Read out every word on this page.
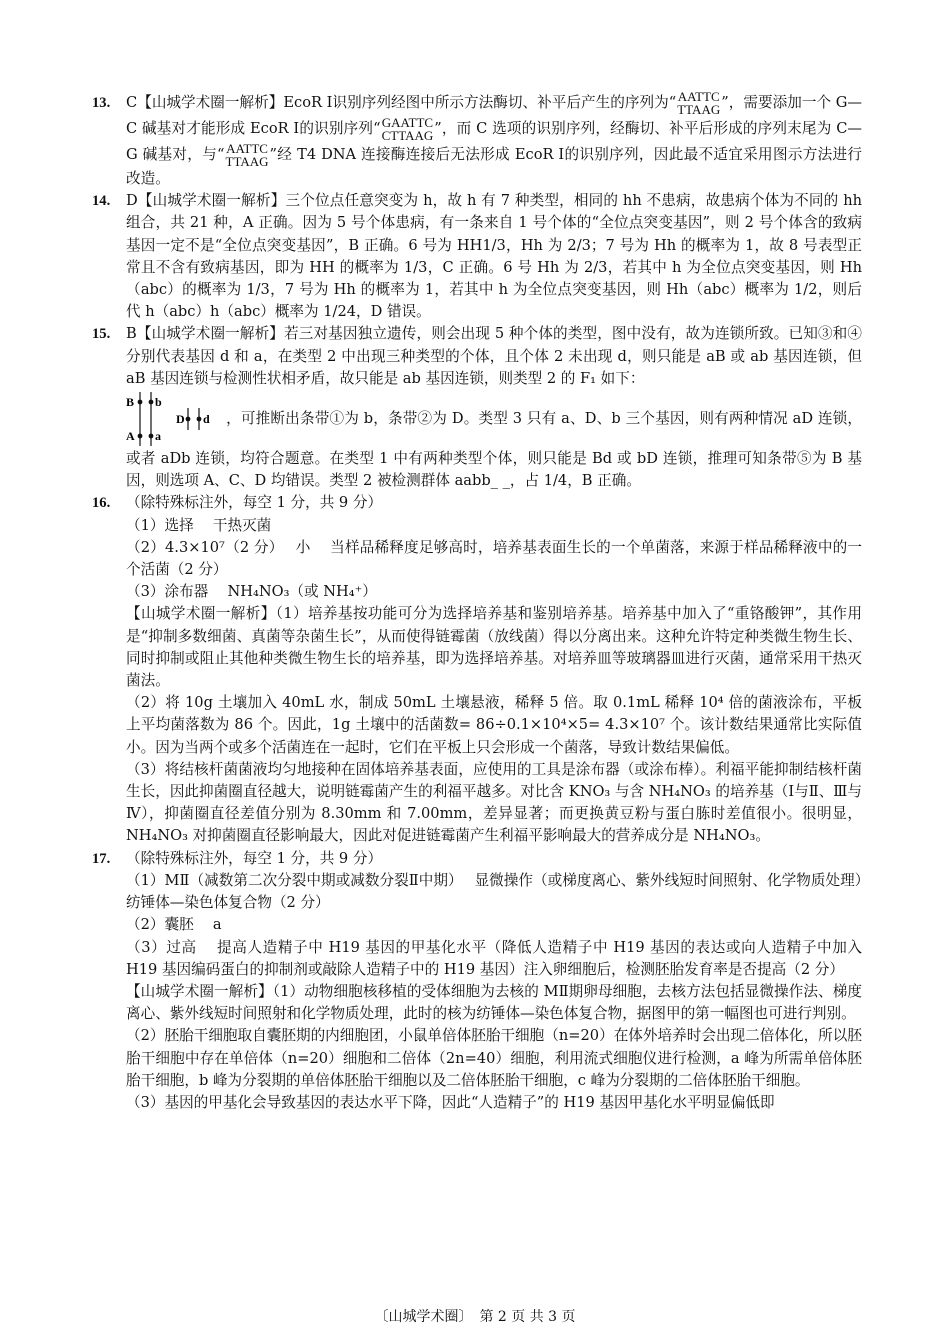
13. C【山城学术圈一解析】EcoR Ⅰ识别序列经图中所示方法酶切、补平后产生的序列为“ AATTC
TTAAG ”，需要添加一个 G—C 碱基对才能形成 EcoR Ⅰ的识别序列“ GAATTC
CTTAAG ”，而 C 选项的识别序列，经酶切、补平后形成的序列末尾为 C—G 碱基对，与“ AATTC
TTAAG ”经 T4 DNA 连接酶连接后无法形成 EcoR Ⅰ的识别序列，因此最不适宜采用图示方法进行改造。

14. D【山城学术圈一解析】三个位点任意突变为 h，故 h 有 7 种类型，相同的 hh 不患病，故患病个体为不同的 hh 组合，共 21 种，A 正确。因为 5 号个体患病，有一条来自 1 号个体的“全位点突变基因”，则 2 号个体含的致病基因一定不是“全位点突变基因”，B 正确。6 号为 HH1/3，Hh 为 2/3；7 号为 Hh 的概率为 1，故 8 号表型正常且不含有致病基因，即为 HH 的概率为 1/3，C 正确。6 号 Hh 为 2/3，若其中 h 为全位点突变基因，则 Hh（abc）的概率为 1/3，7 号为 Hh 的概率为 1，若其中 h 为全位点突变基因，则 Hh（abc）概率为 1/2，则后代 h（abc）h（abc）概率为 1/24，D 错误。

15. B【山城学术圈一解析】若三对基因独立遗传，则会出现 5 种个体的类型，图中没有，故为连锁所致。已知③和④分别代表基因 d 和 a，在类型 2 中出现三种类型的个体，且个体 2 未出现 d，则只能是 aB 或 ab 基因连锁，但 aB 基因连锁与检测性状相矛盾，故只能是 ab 基因连锁，则类型 2 的 F₁ 如下：

B b
A a
D d ，可推断出条带①为 b，条带②为 D。类型 3 只有 a、D、b 三个基因，则有两种情况 aD 连锁，或者 aDb 连锁，均符合题意。在类型 1 中有两种类型个体，则只能是 Bd 或 bD 连锁，推理可知条带⑤为 B 基因，则选项 A、C、D 均错误。类型 2 被检测群体 aabb_ _，占 1/4，B 正确。

16. （除特殊标注外，每空 1 分，共 9 分）

（1）选择　 干热灭菌

（2）4.3×10⁷（2 分）　 小　 当样品稀释度足够高时，培养基表面生长的一个单菌落，来源于样品稀释液中的一个活菌（2 分）

（3）涂布器　 NH₄NO₃（或 NH₄⁺）

【山城学术圈一解析】（1）培养基按功能可分为选择培养基和鉴别培养基。培养基中加入了“重铬酸钾”，其作用是“抑制多数细菌、真菌等杂菌生长”，从而使得链霉菌（放线菌）得以分离出来。这种允许特定种类微生物生长、同时抑制或阻止其他种类微生物生长的培养基，即为选择培养基。对培养皿等玻璃器皿进行灭菌，通常采用干热灭菌法。

（2）将 10g 土壤加入 40mL 水，制成 50mL 土壤悬液，稀释 5 倍。取 0.1mL 稀释 10⁴ 倍的菌液涂布，平板上平均菌落数为 86 个。因此，1g 土壤中的活菌数= 86÷0.1×10⁴×5= 4.3×10⁷ 个。该计数结果通常比实际值小。因为当两个或多个活菌连在一起时，它们在平板上只会形成一个菌落，导致计数结果偏低。

（3）将结核杆菌菌液均匀地接种在固体培养基表面，应使用的工具是涂布器（或涂布棒）。利福平能抑制结核杆菌生长，因此抑菌圈直径越大，说明链霉菌产生的利福平越多。对比含 KNO₃ 与含 NH₄NO₃ 的培养基（Ⅰ与Ⅱ、Ⅲ与Ⅳ），抑菌圈直径差值分别为 8.30mm 和 7.00mm，差异显著；而更换黄豆粉与蛋白胨时差值很小。很明显，NH₄NO₃ 对抑菌圈直径影响最大，因此对促进链霉菌产生利福平影响最大的营养成分是 NH₄NO₃。

17. （除特殊标注外，每空 1 分，共 9 分）

（1）MⅡ（减数第二次分裂中期或减数分裂Ⅱ中期）　 显微操作（或梯度离心、紫外线短时间照射、化学物质处理）　 纺锤体—染色体复合物（2 分）

（2）囊胚　 a

（3）过高　 提高人造精子中 H19 基因的甲基化水平（降低人造精子中 H19 基因的表达或向人造精子中加入 H19 基因编码蛋白的抑制剂或敲除人造精子中的 H19 基因）注入卵细胞后，检测胚胎发育率是否提高（2 分）

【山城学术圈一解析】（1）动物细胞核移植的受体细胞为去核的 MⅡ期卵母细胞，去核方法包括显微操作法、梯度离心、紫外线短时间照射和化学物质处理，此时的核为纺锤体—染色体复合物，据图甲的第一幅图也可进行判别。

（2）胚胎干细胞取自囊胚期的内细胞团，小鼠单倍体胚胎干细胞（n=20）在体外培养时会出现二倍体化，所以胚胎干细胞中存在单倍体（n=20）细胞和二倍体（2n=40）细胞，利用流式细胞仪进行检测，a 峰为所需单倍体胚胎干细胞，b 峰为分裂期的单倍体胚胎干细胞以及二倍体胚胎干细胞，c 峰为分裂期的二倍体胚胎干细胞。

（3）基因的甲基化会导致基因的表达水平下降，因此“人造精子”的 H19 基因甲基化水平明显偏低即

〔山城学术圈〕　第 2 页 共 3 页
